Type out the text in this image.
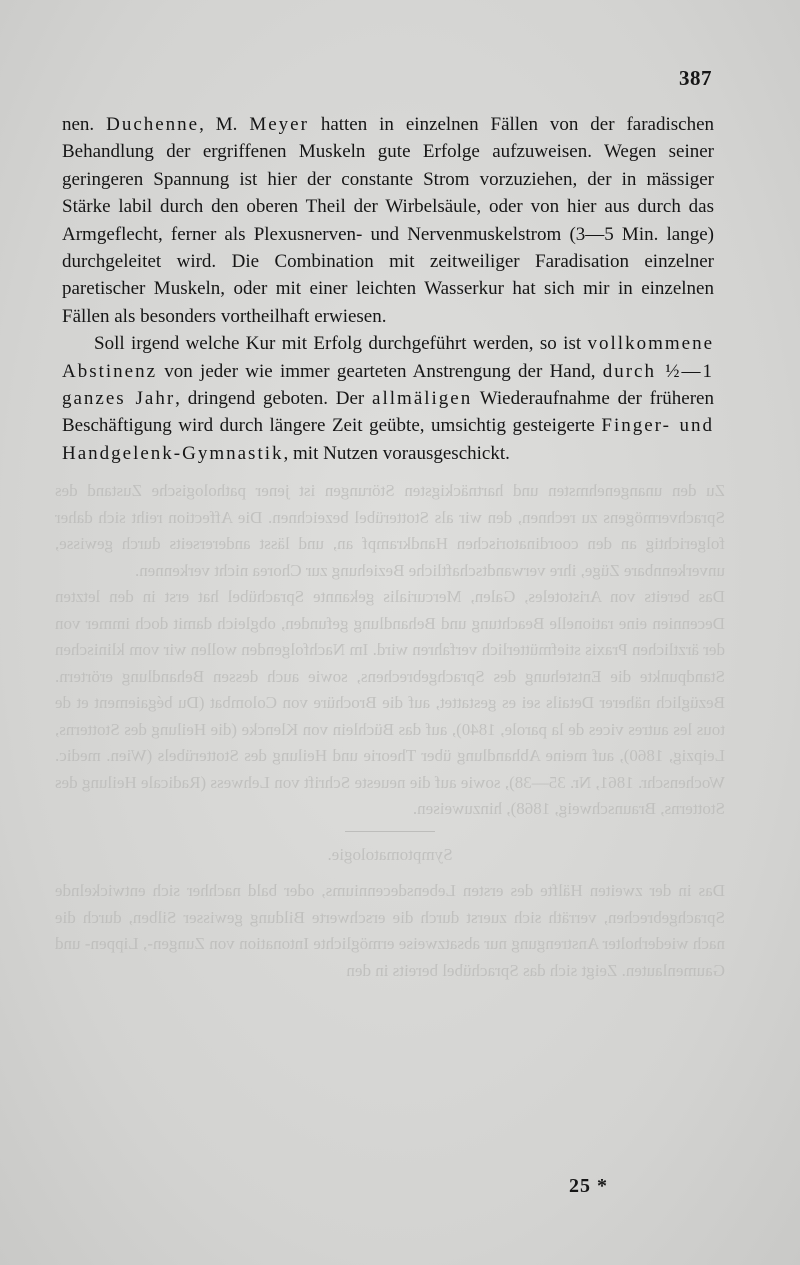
Zu den unangenehmsten und hartnäckigsten Störungen ist jener pathologische Zustand des Sprachvermögens zu rechnen, den wir als Stotterübel bezeichnen. Die Affection reiht sich daher folgerichtig an den coordinatorischen Handkrampf an, und lässt andererseits durch gewisse, unverkennbare Züge, ihre verwandtschaftliche Beziehung zur Chorea nicht verkennen.

Das bereits von Aristoteles, Galen, Mercurialis gekannte Sprachübel hat erst in den letzten Decennien eine rationelle Beachtung und Behandlung gefunden, obgleich damit doch immer von der ärztlichen Praxis stiefmütterlich verfahren wird. Im Nachfolgenden wollen wir vom klinischen Standpunkte die Entstehung des Sprachgebrechens, sowie auch dessen Behandlung erörtern. Bezüglich näherer Details sei es gestattet, auf die Brochüre von Colombat (Du bégaiement et de tous les autres vices de la parole, 1840), auf das Büchlein von Klencke (die Heilung des Stotterns, Leipzig, 1860), auf meine Abhandlung über Theorie und Heilung des Stotterübels (Wien. medic. Wochenschr. 1861, Nr. 35—38), sowie auf die neueste Schrift von Lehwess (Radicale Heilung des Stotterns, Braunschweig, 1868), hinzuweisen.

Symptomatologie.

Das in der zweiten Hälfte des ersten Lebensdecenniums, oder bald nachher sich entwickelnde Sprachgebrechen, verräth sich zuerst durch die erschwerte Bildung gewisser Silben, durch die nach wiederholter Anstrengung nur absatzweise ermöglichte Intonation von Zungen-, Lippen- und Gaumenlauten. Zeigt sich das Sprachübel bereits in den

387

nen. Duchenne, M. Meyer hatten in einzelnen Fällen von der faradischen Behandlung der ergriffenen Muskeln gute Erfolge aufzuweisen. Wegen seiner geringeren Spannung ist hier der constante Strom vorzuziehen, der in mässiger Stärke labil durch den oberen Theil der Wirbelsäule, oder von hier aus durch das Armgeflecht, ferner als Plexusnerven- und Nervenmuskelstrom (3—5 Min. lange) durchgeleitet wird. Die Combination mit zeitweiliger Faradisation einzelner paretischer Muskeln, oder mit einer leichten Wasserkur hat sich mir in einzelnen Fällen als besonders vortheilhaft erwiesen.

Soll irgend welche Kur mit Erfolg durchgeführt werden, so ist vollkommene Abstinenz von jeder wie immer gearteten Anstrengung der Hand, durch ½—1 ganzes Jahr, dringend geboten. Der allmäligen Wiederaufnahme der früheren Beschäftigung wird durch längere Zeit geübte, umsichtig gesteigerte Finger- und Handgelenk-Gymnastik, mit Nutzen vorausgeschickt.

25 *
